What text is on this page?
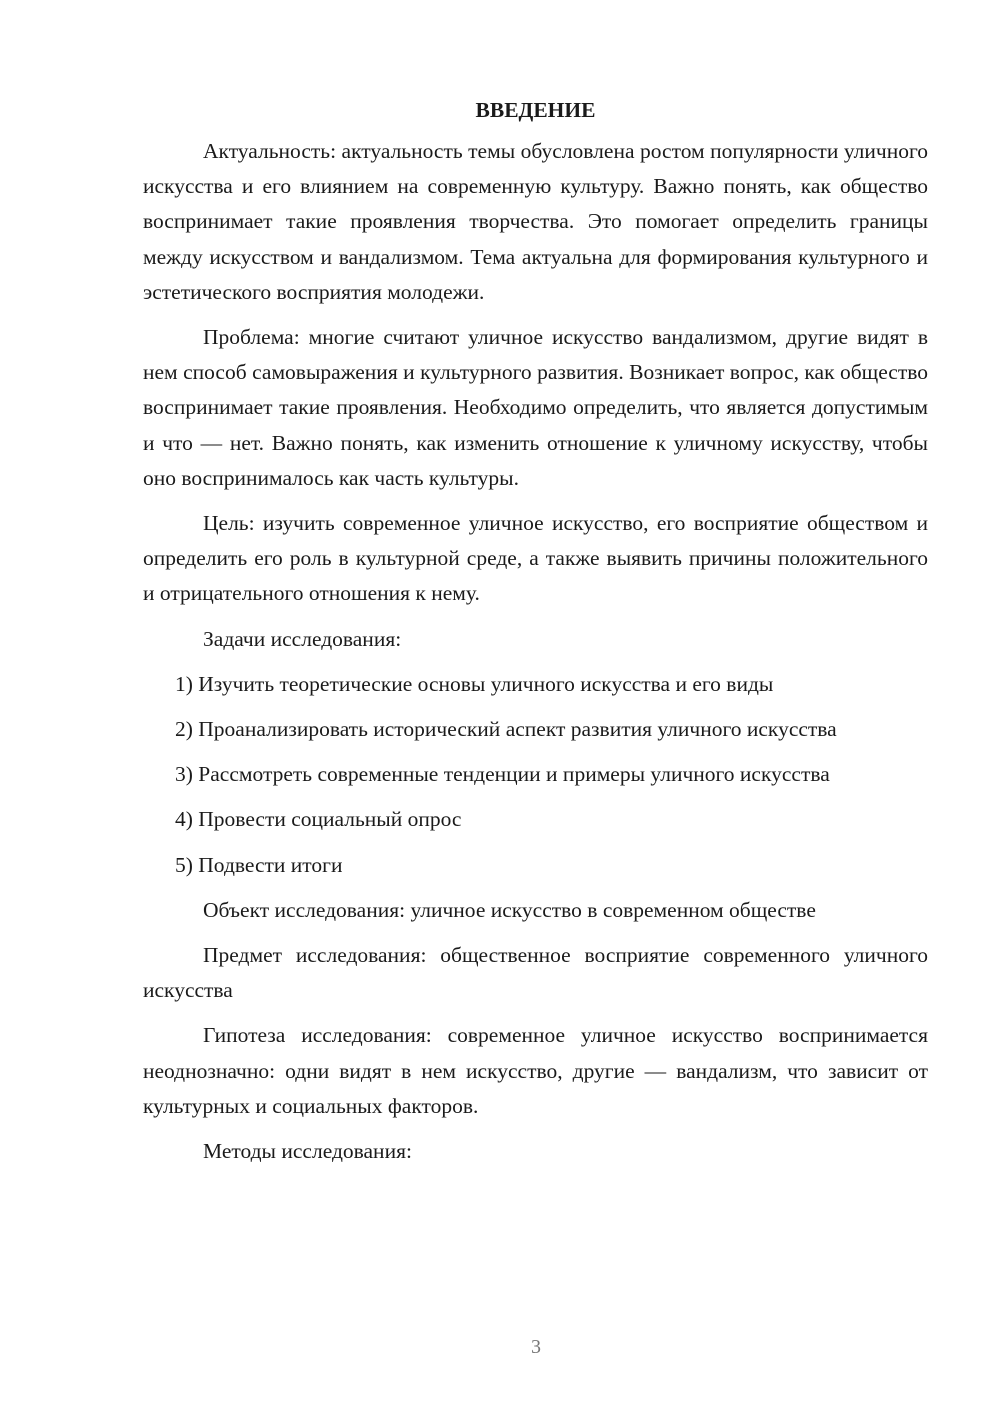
ВВЕДЕНИЕ

Актуальность: актуальность темы обусловлена ростом популярности уличного искусства и его влиянием на современную культуру. Важно понять, как общество воспринимает такие проявления творчества. Это помогает определить границы между искусством и вандализмом. Тема актуальна для формирования культурного и эстетического восприятия молодежи.

Проблема: многие считают уличное искусство вандализмом, другие видят в нем способ самовыражения и культурного развития. Возникает вопрос, как общество воспринимает такие проявления. Необходимо определить, что является допустимым и что — нет. Важно понять, как изменить отношение к уличному искусству, чтобы оно воспринималось как часть культуры.

Цель: изучить современное уличное искусство, его восприятие обществом и определить его роль в культурной среде, а также выявить причины положительного и отрицательного отношения к нему.

Задачи исследования:

1) Изучить теоретические основы уличного искусства и его виды

2) Проанализировать исторический аспект развития уличного искусства

3) Рассмотреть современные тенденции и примеры уличного искусства

4) Провести социальный опрос

5) Подвести итоги

Объект исследования: уличное искусство в современном обществе

Предмет исследования: общественное восприятие современного уличного искусства

Гипотеза исследования: современное уличное искусство воспринимается неоднозначно: одни видят в нем искусство, другие — вандализм, что зависит от культурных и социальных факторов.

Методы исследования:

3
